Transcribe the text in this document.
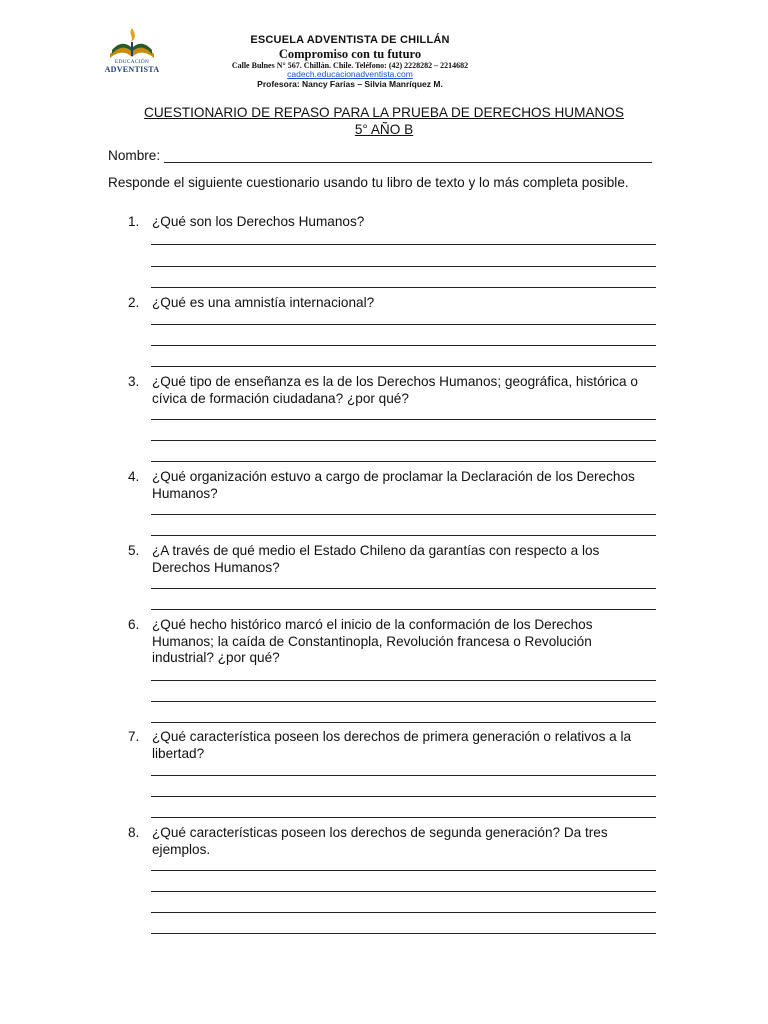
EDUCACIÓN
ADVENTISTA
ESCUELA ADVENTISTA DE CHILLÁN
Compromiso con tu futuro
Calle Bulnes N° 567. Chillán. Chile. Teléfono: (42) 2228282 – 2214682
cadech.educacionadventista.com
Profesora: Nancy Farías – Silvia Manríquez M.
CUESTIONARIO DE REPASO PARA LA PRUEBA DE DERECHOS HUMANOS
5° AÑO B
Nombre:
Responde el siguiente cuestionario usando tu libro de texto y lo más completa posible.
1. ¿Qué son los Derechos Humanos?
2. ¿Qué es una amnistía internacional?
3. ¿Qué tipo de enseñanza es la de los Derechos Humanos; geográfica, histórica o cívica de formación ciudadana? ¿por qué?
4. ¿Qué organización estuvo a cargo de proclamar la Declaración de los Derechos Humanos?
5. ¿A través de qué medio el Estado Chileno da garantías con respecto a los Derechos Humanos?
6. ¿Qué hecho histórico marcó el inicio de la conformación de los Derechos Humanos; la caída de Constantinopla, Revolución francesa o Revolución industrial? ¿por qué?
7. ¿Qué característica poseen los derechos de primera generación o relativos a la libertad?
8. ¿Qué características poseen los derechos de segunda generación? Da tres ejemplos.
